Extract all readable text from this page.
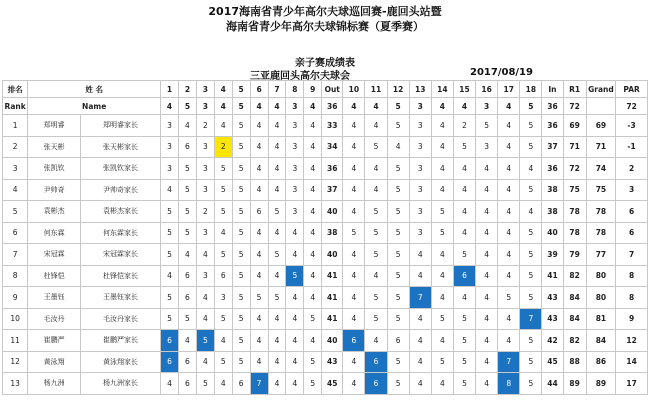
2017海南省青少年高尔夫球巡回赛-鹿回头站暨
海南省青少年高尔夫球锦标赛（夏季赛）
亲子赛成绩表
三亚鹿回头高尔夫球会	2017/08/19
排名	姓 名		1	2	3	4	5	6	7	8	9	Out	10	11	12	13	14	15	16	17	18	In	R1	Grand	PAR
Rank	Name		4	5	3	4	5	4	4	3	4	36	4	4	5	3	4	4	3	4	5	36	72		72
1	郑明睿	郑明睿家长	3	4	2	4	5	4	4	3	4	33	4	4	5	3	4	2	5	4	5	36	69	69	-3
2	张天彬	张天彬家长	3	6	3	2	5	4	4	3	4	34	4	5	4	3	4	5	3	4	5	37	71	71	-1
3	张凯钦	张凯钦家长	3	5	3	5	5	4	4	3	4	36	4	4	5	3	4	4	4	4	4	36	72	74	2
4	尹帅奇	尹帅奇家长	4	5	3	5	5	4	4	3	4	37	4	4	5	3	4	4	4	4	5	38	75	75	3
5	袁彬杰	袁彬杰家长	5	5	2	5	5	6	5	3	4	40	4	5	5	3	5	4	4	4	4	38	78	78	6
6	何东霖	何东霖家长	5	5	3	4	5	4	4	4	4	38	5	5	5	3	5	4	4	4	5	40	78	78	6
7	宋冠霖	宋冠霖家长	5	4	4	5	5	4	5	4	4	40	4	5	5	4	4	5	4	4	5	39	79	77	7
8	杜锋恺	杜锋恺家长	4	6	3	6	5	4	4	5	4	41	4	4	5	4	4	6	4	4	5	41	82	80	8
9	王墨钰	王墨钰家长	5	6	4	3	5	5	5	4	4	41	4	5	5	7	4	4	4	5	5	43	84	80	8
10	毛汝丹	毛汝丹家长	5	5	4	5	5	4	4	4	5	41	4	5	5	4	5	5	4	4	7	43	84	81	9
11	崔鹏严	崔鹏严家长	6	4	5	4	5	4	4	4	4	40	6	4	6	4	4	5	4	4	5	42	82	84	12
12	黄泳翔	黄泳翔家长	6	6	4	5	5	4	4	4	5	43	4	6	5	4	5	5	4	7	5	45	88	86	14
13	杨九洲	杨九洲家长	4	6	5	4	6	7	4	4	5	45	4	6	5	4	4	5	4	8	5	44	89	89	17
